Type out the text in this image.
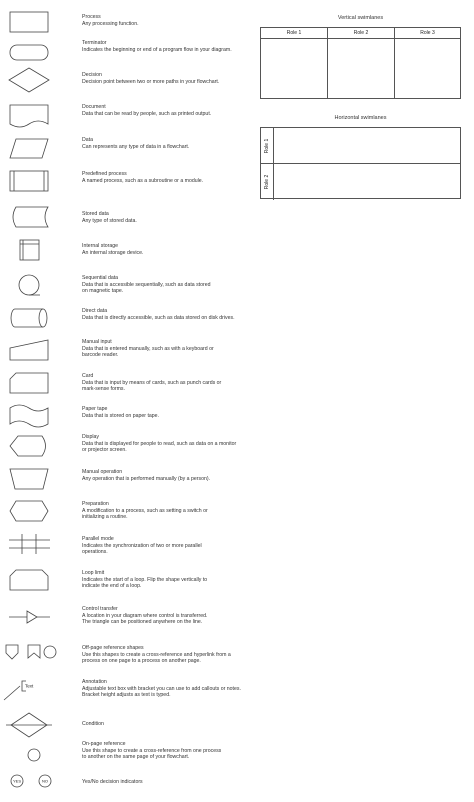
Text
YES	NO
Process
Any processing function.
Terminator
Indicates the beginning or end of a program flow in your diagram.
Decision
Decision point between two or more paths in your flowchart.
Document
Data that can be read by people, such as printed output.
Data
Can represents any type of data in a flowchart.
Predefined process
A named process, such as a subroutine or a module.
Stored data
Any type of stored data.
Internal storage
An internal storage device.
Sequential data
Data that is accessible sequentially, such as data stored
on magnetic tape.
Direct data
Data that is directly accessible, such as data stored on disk drives.
Manual input
Data that is entered manually, such as with a keyboard or
barcode reader.
Card
Data that is input by means of cards, such as punch cards or
mark-sense forms.
Paper tape
Data that is stored on paper tape.
Display
Data that is displayed for people to read, such as data on a monitor
or projector screen.
Manual operation
Any operation that is performed manually (by a person).
Preparation
A modification to a process, such as setting a switch or
initializing a routine.
Parallel mode
Indicates the synchronization of two or more parallel
operations.
Loop limit
Indicates the start of a loop. Flip the shape vertically to
indicate the end of a loop.
Control transfer
A location in your diagram where control is transferred.
The triangle can be positioned anywhere on the line.
Off-page reference shapes
Use this shapes to create a cross-reference and hyperlink from a
process on one page to a process on another page.
Annotation
Adjustable text box with bracket you can use to add callouts or notes.
Bracket height adjusts as text is typed.
Condition
On-page reference
Use this shape to create a cross-reference from one process
to another on the same page of your flowchart.
Yes/No decision indicators
Vertical swimlanes
Role 1	Role 2	Role 3
Horizontal swimlanes
Role 1
Role 2
